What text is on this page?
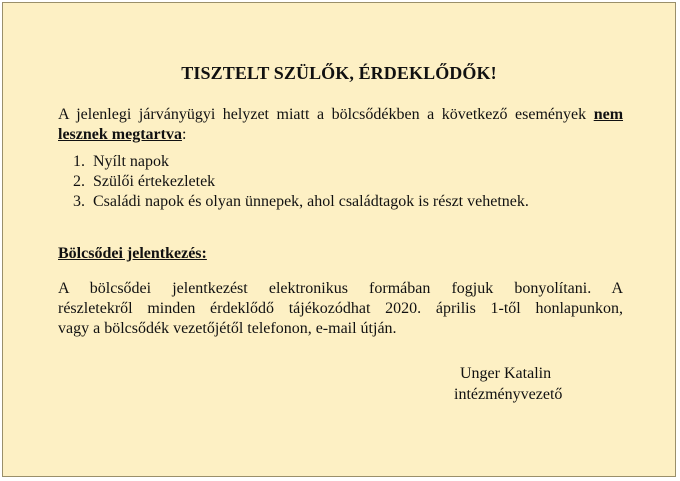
TISZTELT SZÜLŐK, ÉRDEKLŐDŐK!
A jelenlegi járványügyi helyzet miatt a bölcsődékben a következő események nem lesznek megtartva:
1. Nyílt napok
2. Szülői értekezletek
3. Családi napok és olyan ünnepek, ahol családtagok is részt vehetnek.
Bölcsődei jelentkezés:
A bölcsődei jelentkezést elektronikus formában fogjuk bonyolítani. A
részletekről minden érdeklődő tájékozódhat 2020. április 1-től honlapunkon,
vagy a bölcsődék vezetőjétől telefonon, e-mail útján.
Unger Katalin
intézményvezető
